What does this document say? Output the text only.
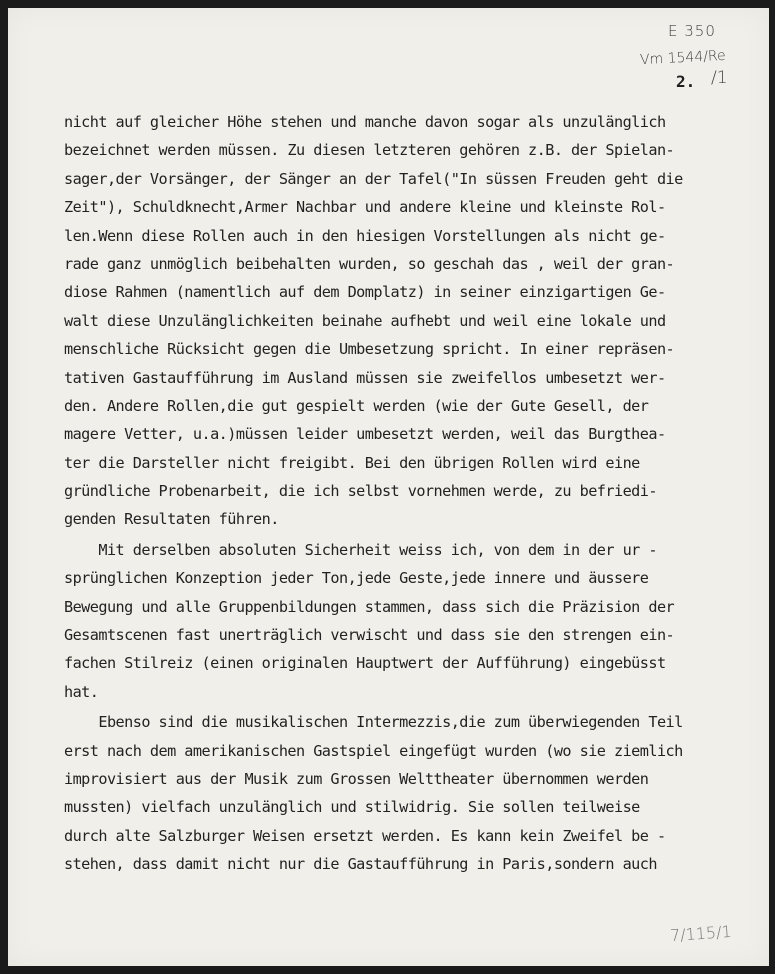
E 350
Vm 1544/Re
/1
2.
7/115/1
nicht auf gleicher Höhe stehen und manche davon sogar als unzulänglich
bezeichnet werden müssen. Zu diesen letzteren gehören z.B. der Spielan-
sager,der Vorsänger, der Sänger an der Tafel("In süssen Freuden geht die
Zeit"), Schuldknecht,Armer Nachbar und andere kleine und kleinste Rol-
len.Wenn diese Rollen auch in den hiesigen Vorstellungen als nicht ge-
rade ganz unmöglich beibehalten wurden, so geschah das , weil der gran-
diose Rahmen (namentlich auf dem Domplatz) in seiner einzigartigen Ge-
walt diese Unzulänglichkeiten beinahe aufhebt und weil eine lokale und
menschliche Rücksicht gegen die Umbesetzung spricht. In einer repräsen-
tativen Gastaufführung im Ausland müssen sie zweifellos umbesetzt wer-
den. Andere Rollen,die gut gespielt werden (wie der Gute Gesell, der
magere Vetter, u.a.)müssen leider umbesetzt werden, weil das Burgthea-
ter die Darsteller nicht freigibt. Bei den übrigen Rollen wird eine
gründliche Probenarbeit, die ich selbst vornehmen werde, zu befriedi-
genden Resultaten führen.
Mit derselben absoluten Sicherheit weiss ich, von dem in der ur -
sprünglichen Konzeption jeder Ton,jede Geste,jede innere und äussere
Bewegung und alle Gruppenbildungen stammen, dass sich die Präzision der
Gesamtscenen fast unerträglich verwischt und dass sie den strengen ein-
fachen Stilreiz (einen originalen Hauptwert der Aufführung) eingebüsst
hat.
Ebenso sind die musikalischen Intermezzis,die zum überwiegenden Teil
erst nach dem amerikanischen Gastspiel eingefügt wurden (wo sie ziemlich
improvisiert aus der Musik zum Grossen Welttheater übernommen werden
mussten) vielfach unzulänglich und stilwidrig. Sie sollen teilweise
durch alte Salzburger Weisen ersetzt werden. Es kann kein Zweifel be -
stehen, dass damit nicht nur die Gastaufführung in Paris,sondern auch
